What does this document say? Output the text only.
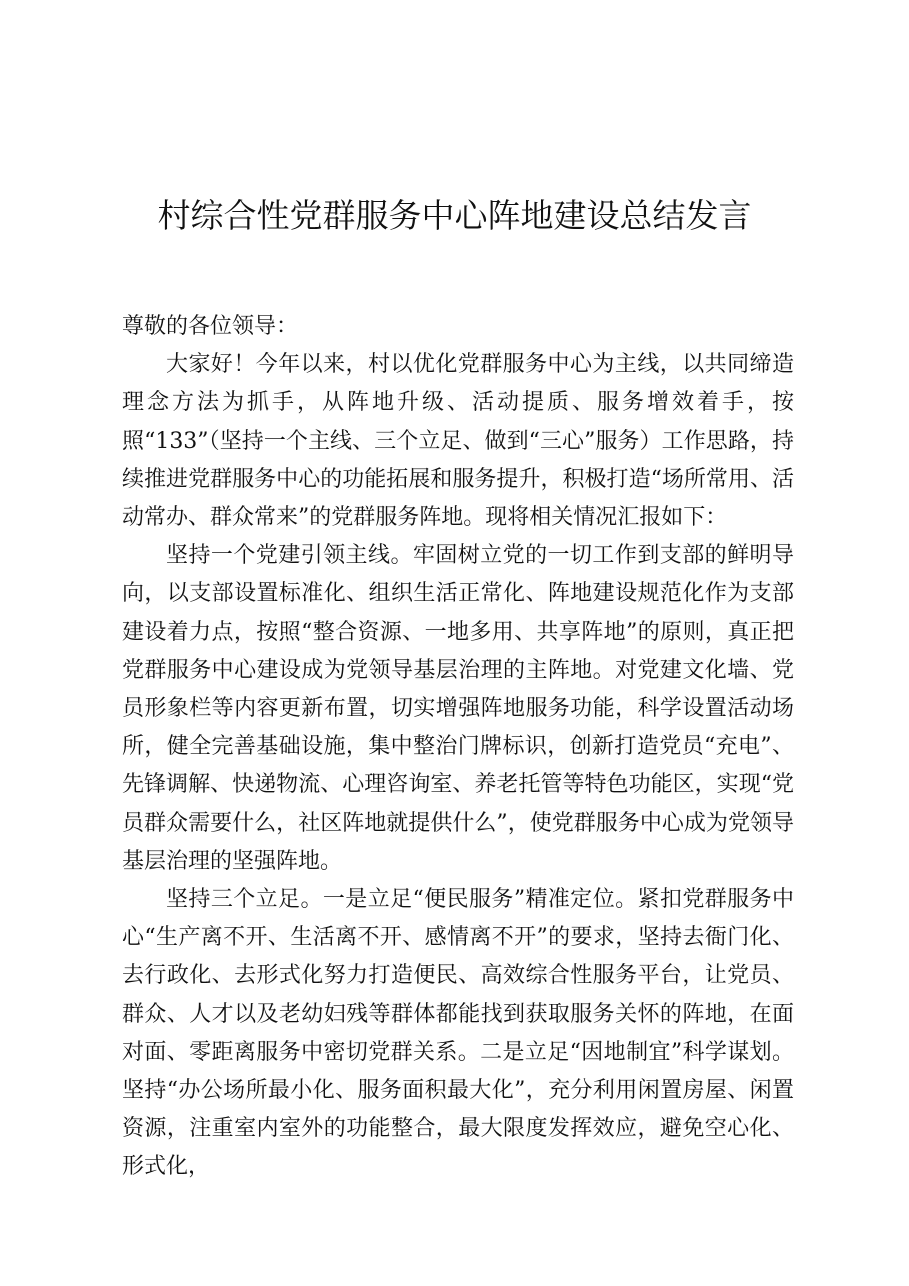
村综合性党群服务中心阵地建设总结发言

尊敬的各位领导：

大家好！今年以来，村以优化党群服务中心为主线，以共同缔造理念方法为抓手，从阵地升级、活动提质、服务增效着手，按照“133”（坚持一个主线、三个立足、做到“三心”服务）工作思路，持续推进党群服务中心的功能拓展和服务提升，积极打造“场所常用、活动常办、群众常来”的党群服务阵地。现将相关情况汇报如下：

坚持一个党建引领主线。牢固树立党的一切工作到支部的鲜明导向，以支部设置标准化、组织生活正常化、阵地建设规范化作为支部建设着力点，按照“整合资源、一地多用、共享阵地”的原则，真正把党群服务中心建设成为党领导基层治理的主阵地。对党建文化墙、党员形象栏等内容更新布置，切实增强阵地服务功能，科学设置活动场所，健全完善基础设施，集中整治门牌标识，创新打造党员“充电”、先锋调解、快递物流、心理咨询室、养老托管等特色功能区，实现“党员群众需要什么，社区阵地就提供什么”，使党群服务中心成为党领导基层治理的坚强阵地。

坚持三个立足。一是立足“便民服务”精准定位。紧扣党群服务中心“生产离不开、生活离不开、感情离不开”的要求，坚持去衙门化、去行政化、去形式化努力打造便民、高效综合性服务平台，让党员、群众、人才以及老幼妇残等群体都能找到获取服务关怀的阵地，在面对面、零距离服务中密切党群关系。二是立足“因地制宜”科学谋划。坚持“办公场所最小化、服务面积最大化”，充分利用闲置房屋、闲置资源，注重室内室外的功能整合，最大限度发挥效应，避免空心化、形式化，
